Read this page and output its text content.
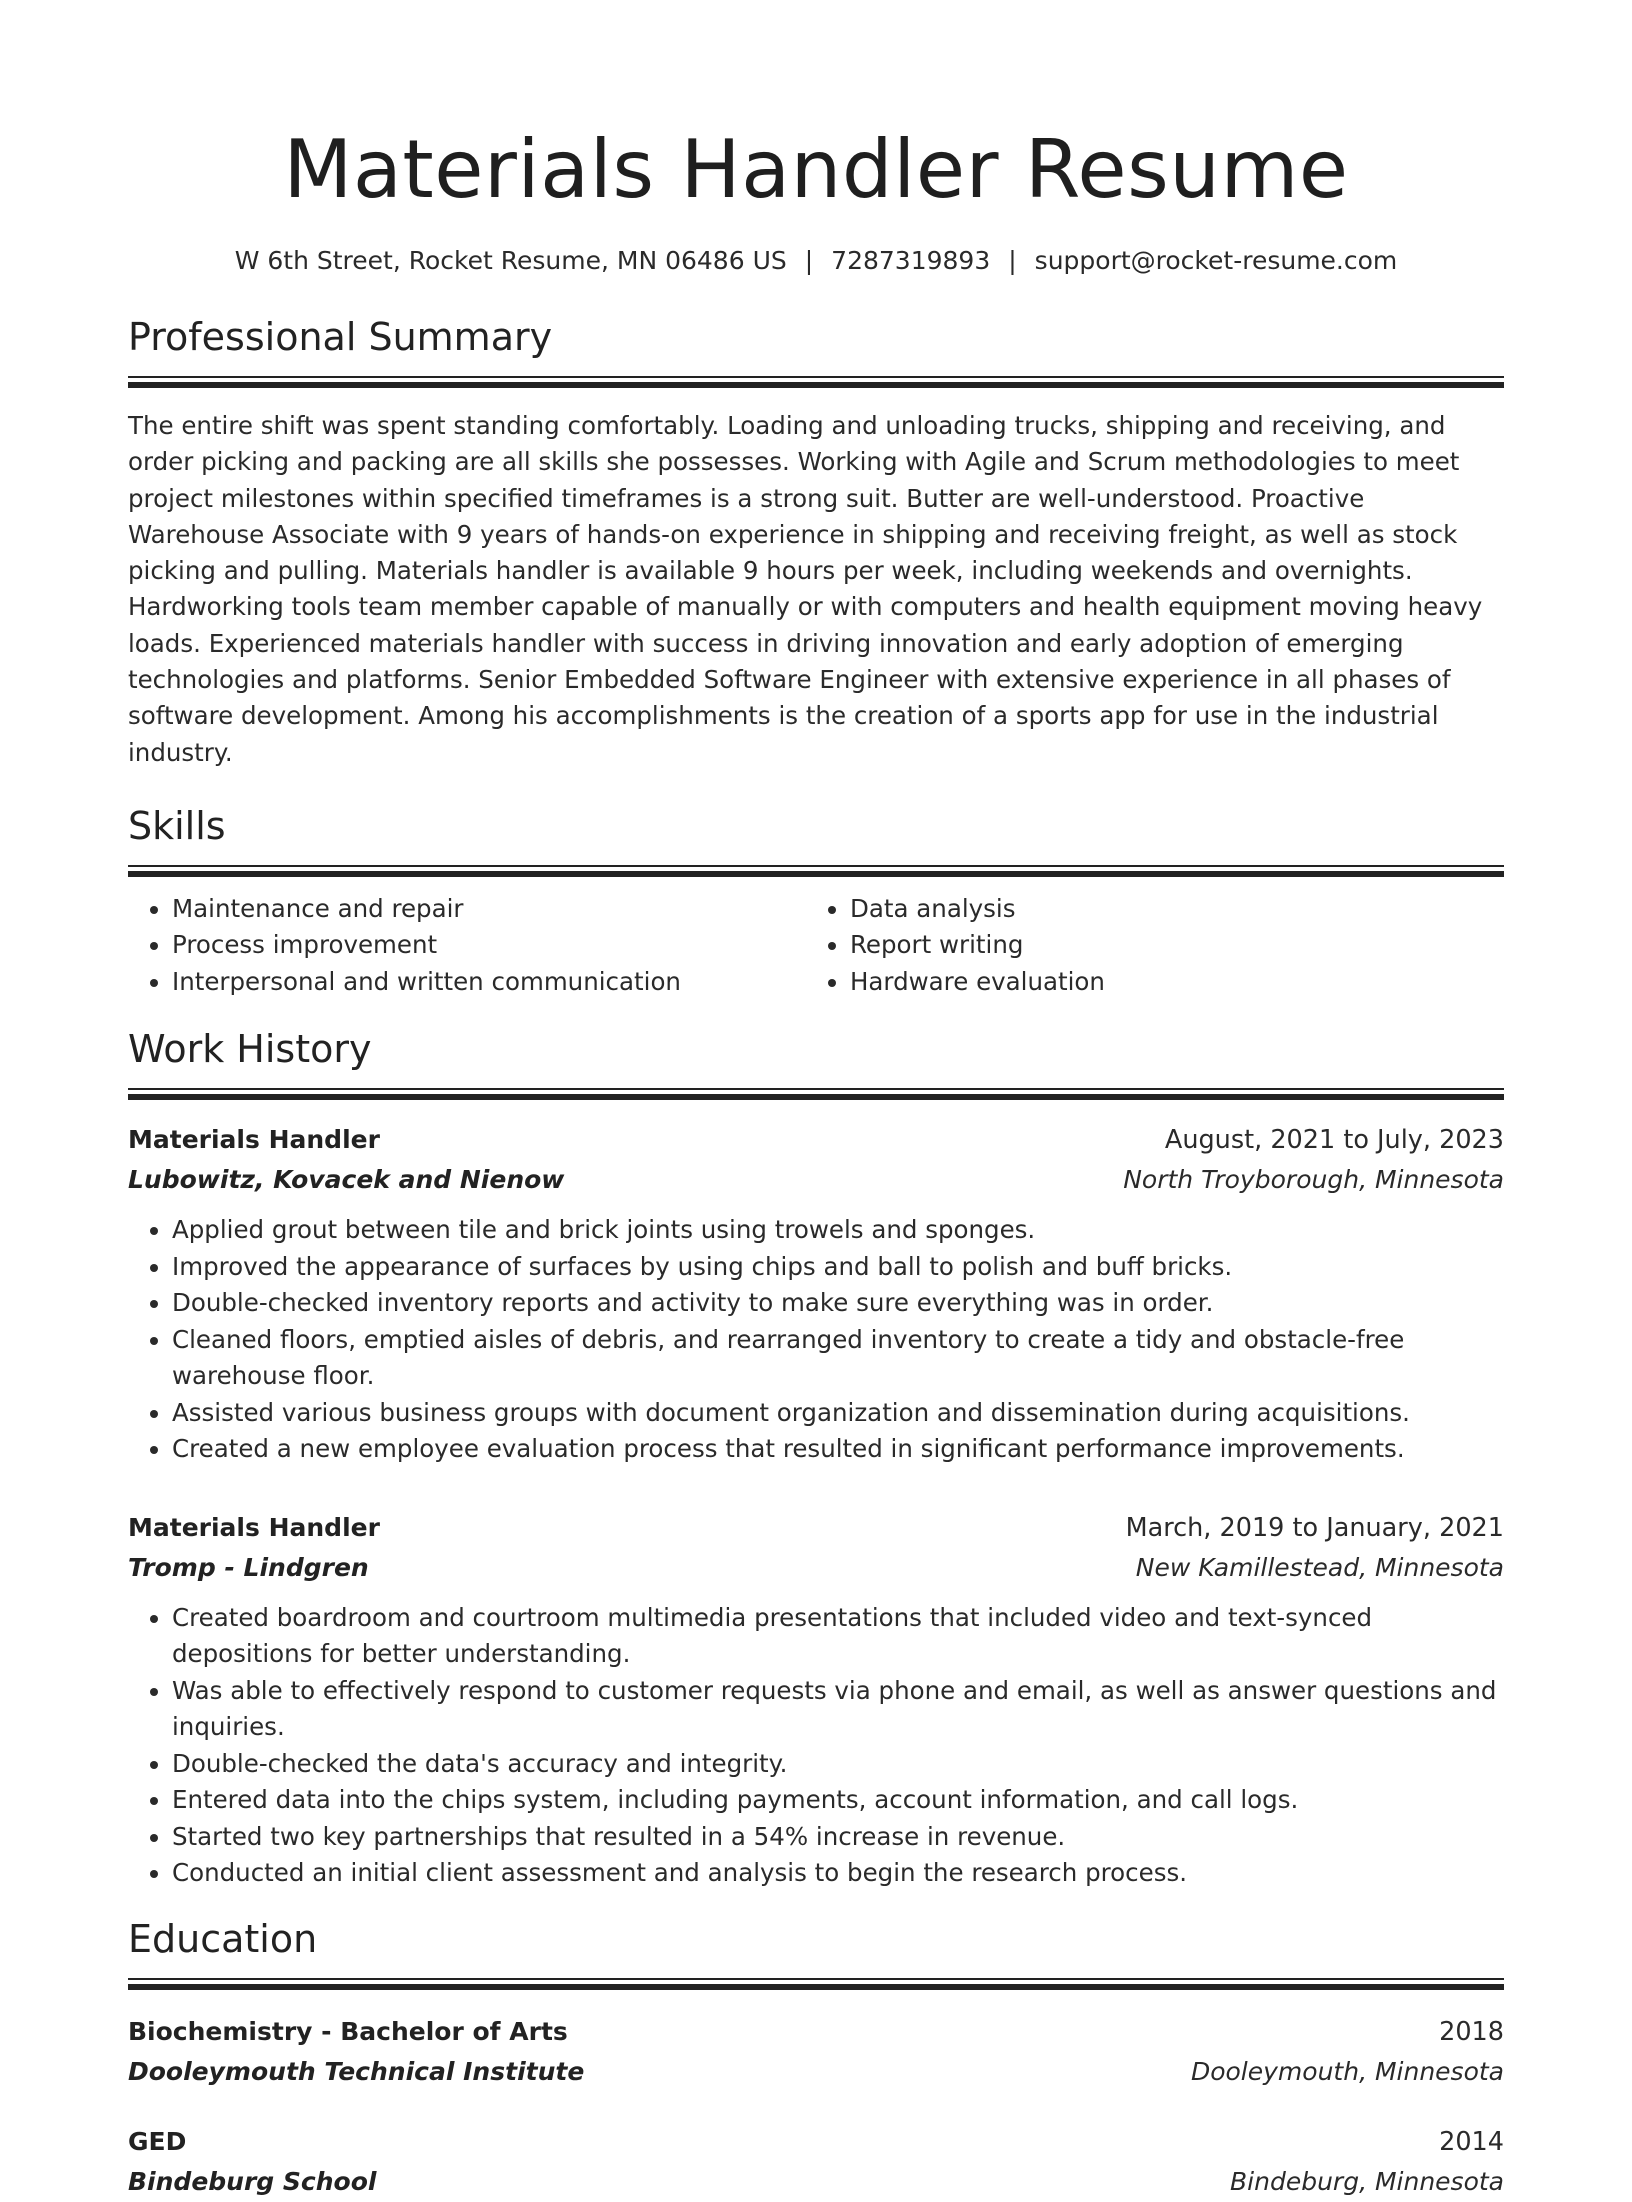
Materials Handler Resume
W 6th Street, Rocket Resume, MN 06486 US | 7287319893 | support@rocket-resume.com
Professional Summary

The entire shift was spent standing comfortably. Loading and unloading trucks, shipping and receiving, and order picking and packing are all skills she possesses. Working with Agile and Scrum methodologies to meet project milestones within specified timeframes is a strong suit. Butter are well-understood. Proactive Warehouse Associate with 9 years of hands-on experience in shipping and receiving freight, as well as stock picking and pulling. Materials handler is available 9 hours per week, including weekends and overnights. Hardworking tools team member capable of manually or with computers and health equipment moving heavy loads. Experienced materials handler with success in driving innovation and early adoption of emerging technologies and platforms. Senior Embedded Software Engineer with extensive experience in all phases of software development. Among his accomplishments is the creation of a sports app for use in the industrial industry.

Skills
• Maintenance and repair
• Process improvement
• Interpersonal and written communication
• Data analysis
• Report writing
• Hardware evaluation
Work History
Materials Handler	August, 2021 to July, 2023
Lubowitz, Kovacek and Nienow	North Troyborough, Minnesota
• Applied grout between tile and brick joints using trowels and sponges.
• Improved the appearance of surfaces by using chips and ball to polish and buff bricks.
• Double-checked inventory reports and activity to make sure everything was in order.
• Cleaned floors, emptied aisles of debris, and rearranged inventory to create a tidy and obstacle-free warehouse floor.
• Assisted various business groups with document organization and dissemination during acquisitions.
• Created a new employee evaluation process that resulted in significant performance improvements.
Materials Handler	March, 2019 to January, 2021
Tromp - Lindgren	New Kamillestead, Minnesota
• Created boardroom and courtroom multimedia presentations that included video and text-synced depositions for better understanding.
• Was able to effectively respond to customer requests via phone and email, as well as answer questions and inquiries.
• Double-checked the data's accuracy and integrity.
• Entered data into the chips system, including payments, account information, and call logs.
• Started two key partnerships that resulted in a 54% increase in revenue.
• Conducted an initial client assessment and analysis to begin the research process.
Education
Biochemistry - Bachelor of Arts	2018
Dooleymouth Technical Institute	Dooleymouth, Minnesota
GED	2014
Bindeburg School	Bindeburg, Minnesota
